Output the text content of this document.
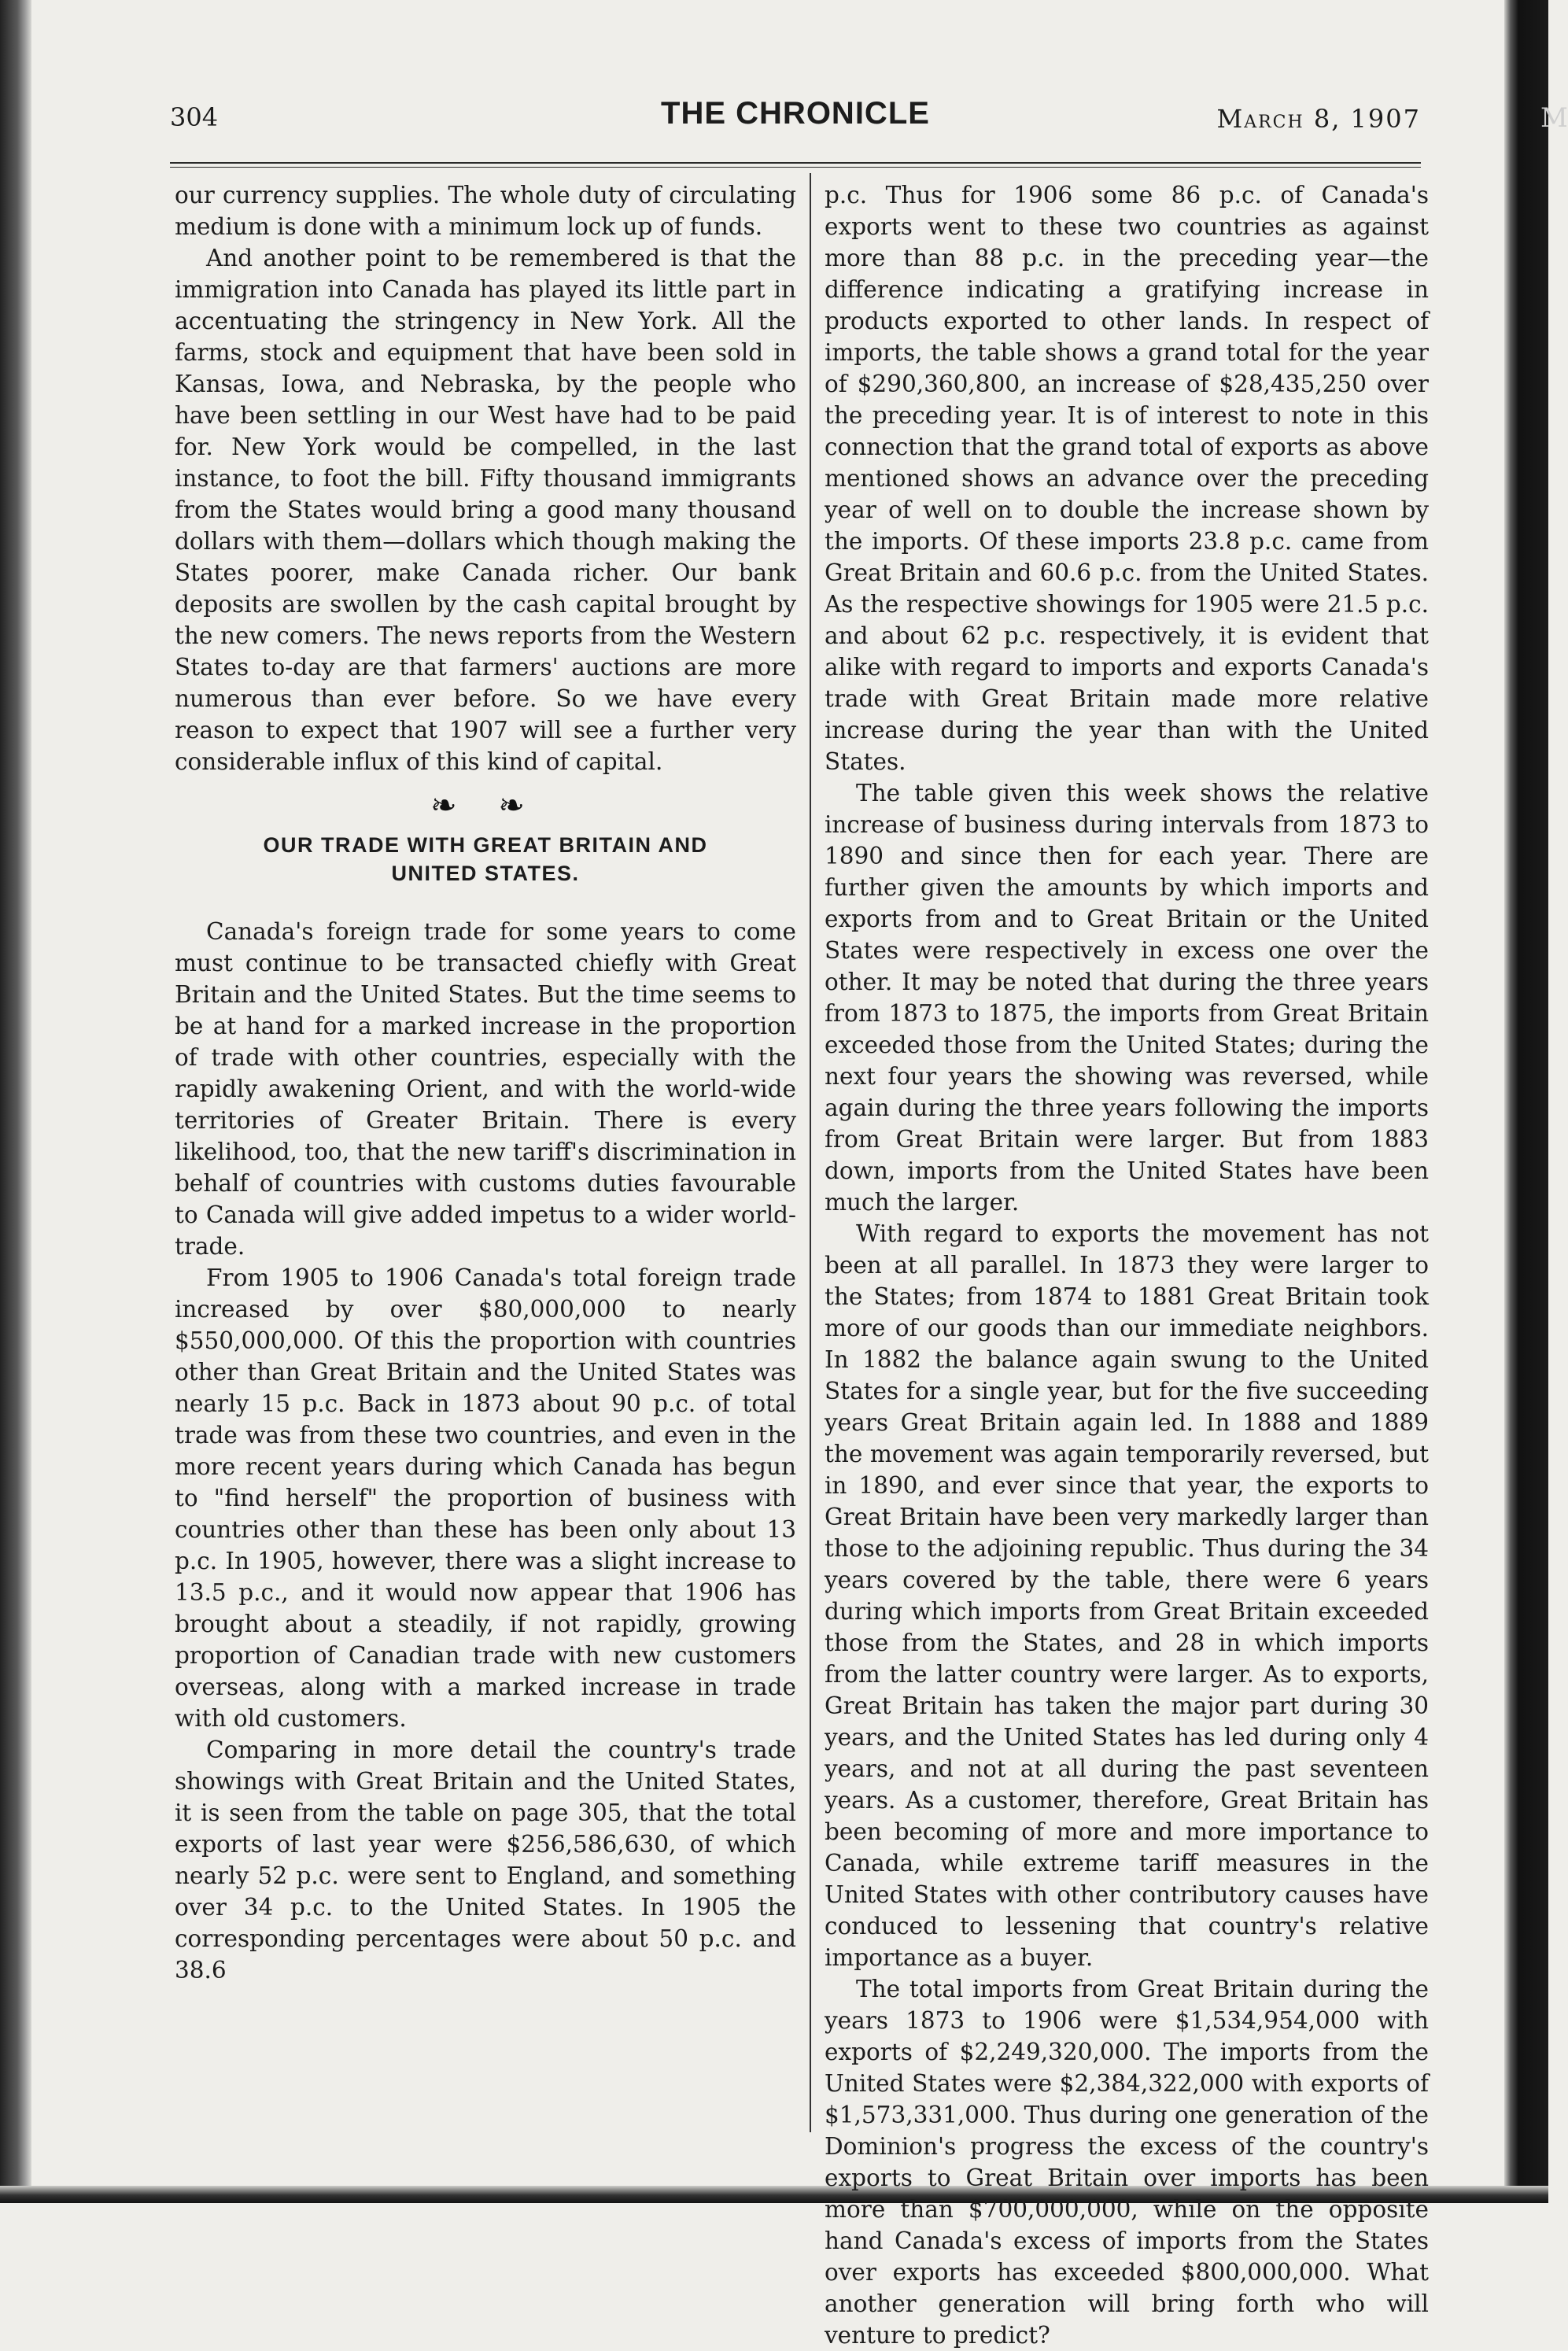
M
304	THE CHRONICLE	March 8, 1907

our currency supplies. The whole duty of circulating medium is done with a minimum lock up of funds.

And another point to be remembered is that the immigration into Canada has played its little part in accentuating the stringency in New York. All the farms, stock and equipment that have been sold in Kansas, Iowa, and Nebraska, by the people who have been settling in our West have had to be paid for. New York would be compelled, in the last instance, to foot the bill. Fifty thousand immigrants from the States would bring a good many thousand dollars with them—dollars which though making the States poorer, make Canada richer. Our bank deposits are swollen by the cash capital brought by the new comers. The news reports from the Western States to-day are that farmers' auctions are more numerous than ever before. So we have every reason to expect that 1907 will see a further very considerable influx of this kind of capital.

❧ ❧
OUR TRADE WITH GREAT BRITAIN AND
UNITED STATES.

Canada's foreign trade for some years to come must continue to be transacted chiefly with Great Britain and the United States. But the time seems to be at hand for a marked increase in the proportion of trade with other countries, especially with the rapidly awakening Orient, and with the world-wide territories of Greater Britain. There is every likelihood, too, that the new tariff's discrimination in behalf of countries with customs duties favourable to Canada will give added impetus to a wider world-trade.

From 1905 to 1906 Canada's total foreign trade increased by over $80,000,000 to nearly $550,000,000. Of this the proportion with countries other than Great Britain and the United States was nearly 15 p.c. Back in 1873 about 90 p.c. of total trade was from these two countries, and even in the more recent years during which Canada has begun to "find herself" the proportion of business with countries other than these has been only about 13 p.c. In 1905, however, there was a slight increase to 13.5 p.c., and it would now appear that 1906 has brought about a steadily, if not rapidly, growing proportion of Canadian trade with new customers overseas, along with a marked increase in trade with old customers.

Comparing in more detail the country's trade showings with Great Britain and the United States, it is seen from the table on page 305, that the total exports of last year were $256,586,630, of which nearly 52 p.c. were sent to England, and something over 34 p.c. to the United States. In 1905 the corresponding percentages were about 50 p.c. and 38.6

p.c. Thus for 1906 some 86 p.c. of Canada's exports went to these two countries as against more than 88 p.c. in the preceding year—the difference indicating a gratifying increase in products exported to other lands. In respect of imports, the table shows a grand total for the year of $290,360,800, an increase of $28,435,250 over the preceding year. It is of interest to note in this connection that the grand total of exports as above mentioned shows an advance over the preceding year of well on to double the increase shown by the imports. Of these imports 23.8 p.c. came from Great Britain and 60.6 p.c. from the United States. As the respective showings for 1905 were 21.5 p.c. and about 62 p.c. respectively, it is evident that alike with regard to imports and exports Canada's trade with Great Britain made more relative increase during the year than with the United States.

The table given this week shows the relative increase of business during intervals from 1873 to 1890 and since then for each year. There are further given the amounts by which imports and exports from and to Great Britain or the United States were respectively in excess one over the other. It may be noted that during the three years from 1873 to 1875, the imports from Great Britain exceeded those from the United States; during the next four years the showing was reversed, while again during the three years following the imports from Great Britain were larger. But from 1883 down, imports from the United States have been much the larger.

With regard to exports the movement has not been at all parallel. In 1873 they were larger to the States; from 1874 to 1881 Great Britain took more of our goods than our immediate neighbors. In 1882 the balance again swung to the United States for a single year, but for the five succeeding years Great Britain again led. In 1888 and 1889 the movement was again temporarily reversed, but in 1890, and ever since that year, the exports to Great Britain have been very markedly larger than those to the adjoining republic. Thus during the 34 years covered by the table, there were 6 years during which imports from Great Britain exceeded those from the States, and 28 in which imports from the latter country were larger. As to exports, Great Britain has taken the major part during 30 years, and the United States has led during only 4 years, and not at all during the past seventeen years. As a customer, therefore, Great Britain has been becoming of more and more importance to Canada, while extreme tariff measures in the United States with other contributory causes have conduced to lessening that country's relative importance as a buyer.

The total imports from Great Britain during the years 1873 to 1906 were $1,534,954,000 with exports of $2,249,320,000. The imports from the United States were $2,384,322,000 with exports of $1,573,331,000. Thus during one generation of the Dominion's progress the excess of the country's exports to Great Britain over imports has been more than $700,000,000, while on the opposite hand Canada's excess of imports from the States over exports has exceeded $800,000,000. What another generation will bring forth who will venture to predict?
